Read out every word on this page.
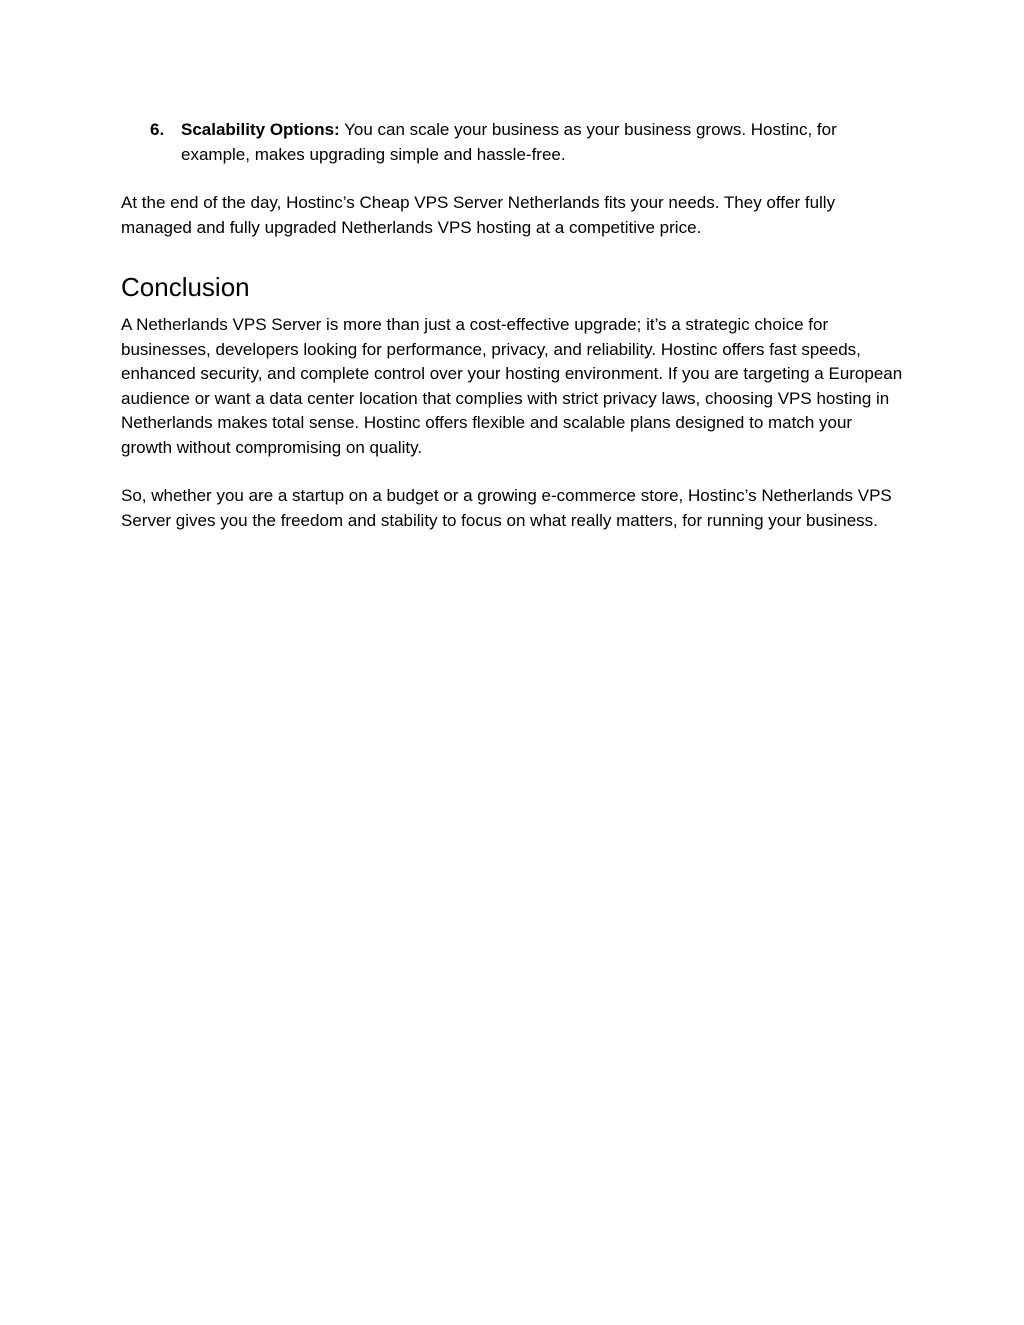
6. Scalability Options: You can scale your business as your business grows. Hostinc, for example, makes upgrading simple and hassle-free.

At the end of the day, Hostinc’s Cheap VPS Server Netherlands fits your needs. They offer fully managed and fully upgraded Netherlands VPS hosting at a competitive price.

Conclusion

A Netherlands VPS Server is more than just a cost-effective upgrade; it’s a strategic choice for businesses, developers looking for performance, privacy, and reliability. Hostinc offers fast speeds, enhanced security, and complete control over your hosting environment. If you are targeting a European audience or want a data center location that complies with strict privacy laws, choosing VPS hosting in Netherlands makes total sense. Hostinc offers flexible and scalable plans designed to match your growth without compromising on quality.

So, whether you are a startup on a budget or a growing e-commerce store, Hostinc’s Netherlands VPS Server gives you the freedom and stability to focus on what really matters, for running your business.
